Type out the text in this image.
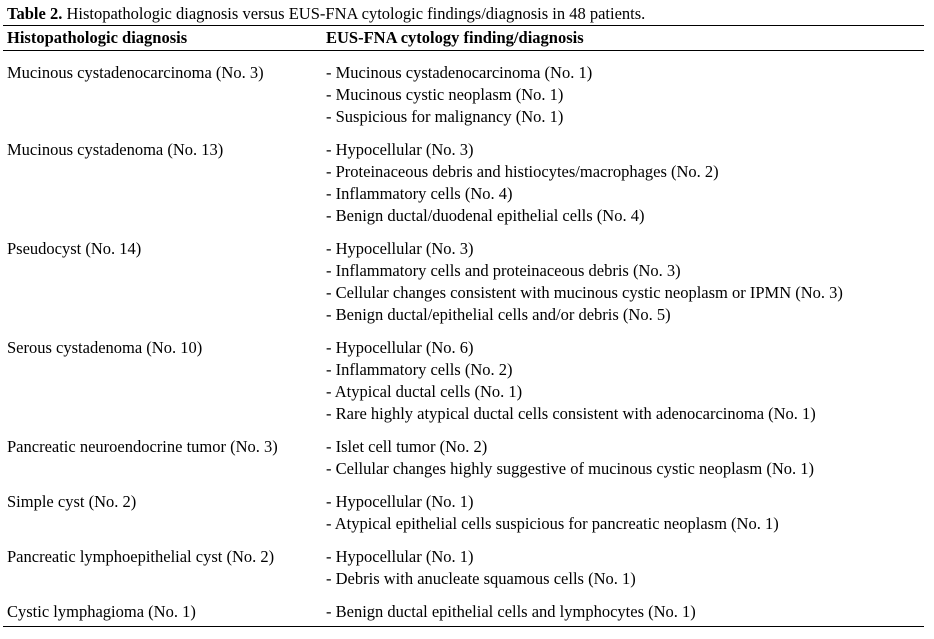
Table 2. Histopathologic diagnosis versus EUS-FNA cytologic findings/diagnosis in 48 patients.
Histopathologic diagnosis	EUS-FNA cytology finding/diagnosis
Mucinous cystadenocarcinoma (No. 3)	- Mucinous cystadenocarcinoma (No. 1)
- Mucinous cystic neoplasm (No. 1)
- Suspicious for malignancy (No. 1)
Mucinous cystadenoma (No. 13)	- Hypocellular (No. 3)
- Proteinaceous debris and histiocytes/macrophages (No. 2)
- Inflammatory cells (No. 4)
- Benign ductal/duodenal epithelial cells (No. 4)
Pseudocyst (No. 14)	- Hypocellular (No. 3)
- Inflammatory cells and proteinaceous debris (No. 3)
- Cellular changes consistent with mucinous cystic neoplasm or IPMN (No. 3)
- Benign ductal/epithelial cells and/or debris (No. 5)
Serous cystadenoma (No. 10)	- Hypocellular (No. 6)
- Inflammatory cells (No. 2)
- Atypical ductal cells (No. 1)
- Rare highly atypical ductal cells consistent with adenocarcinoma (No. 1)
Pancreatic neuroendocrine tumor (No. 3)	- Islet cell tumor (No. 2)
- Cellular changes highly suggestive of mucinous cystic neoplasm (No. 1)
Simple cyst (No. 2)	- Hypocellular (No. 1)
- Atypical epithelial cells suspicious for pancreatic neoplasm (No. 1)
Pancreatic lymphoepithelial cyst (No. 2)	- Hypocellular (No. 1)
- Debris with anucleate squamous cells (No. 1)
Cystic lymphagioma (No. 1)	- Benign ductal epithelial cells and lymphocytes (No. 1)
